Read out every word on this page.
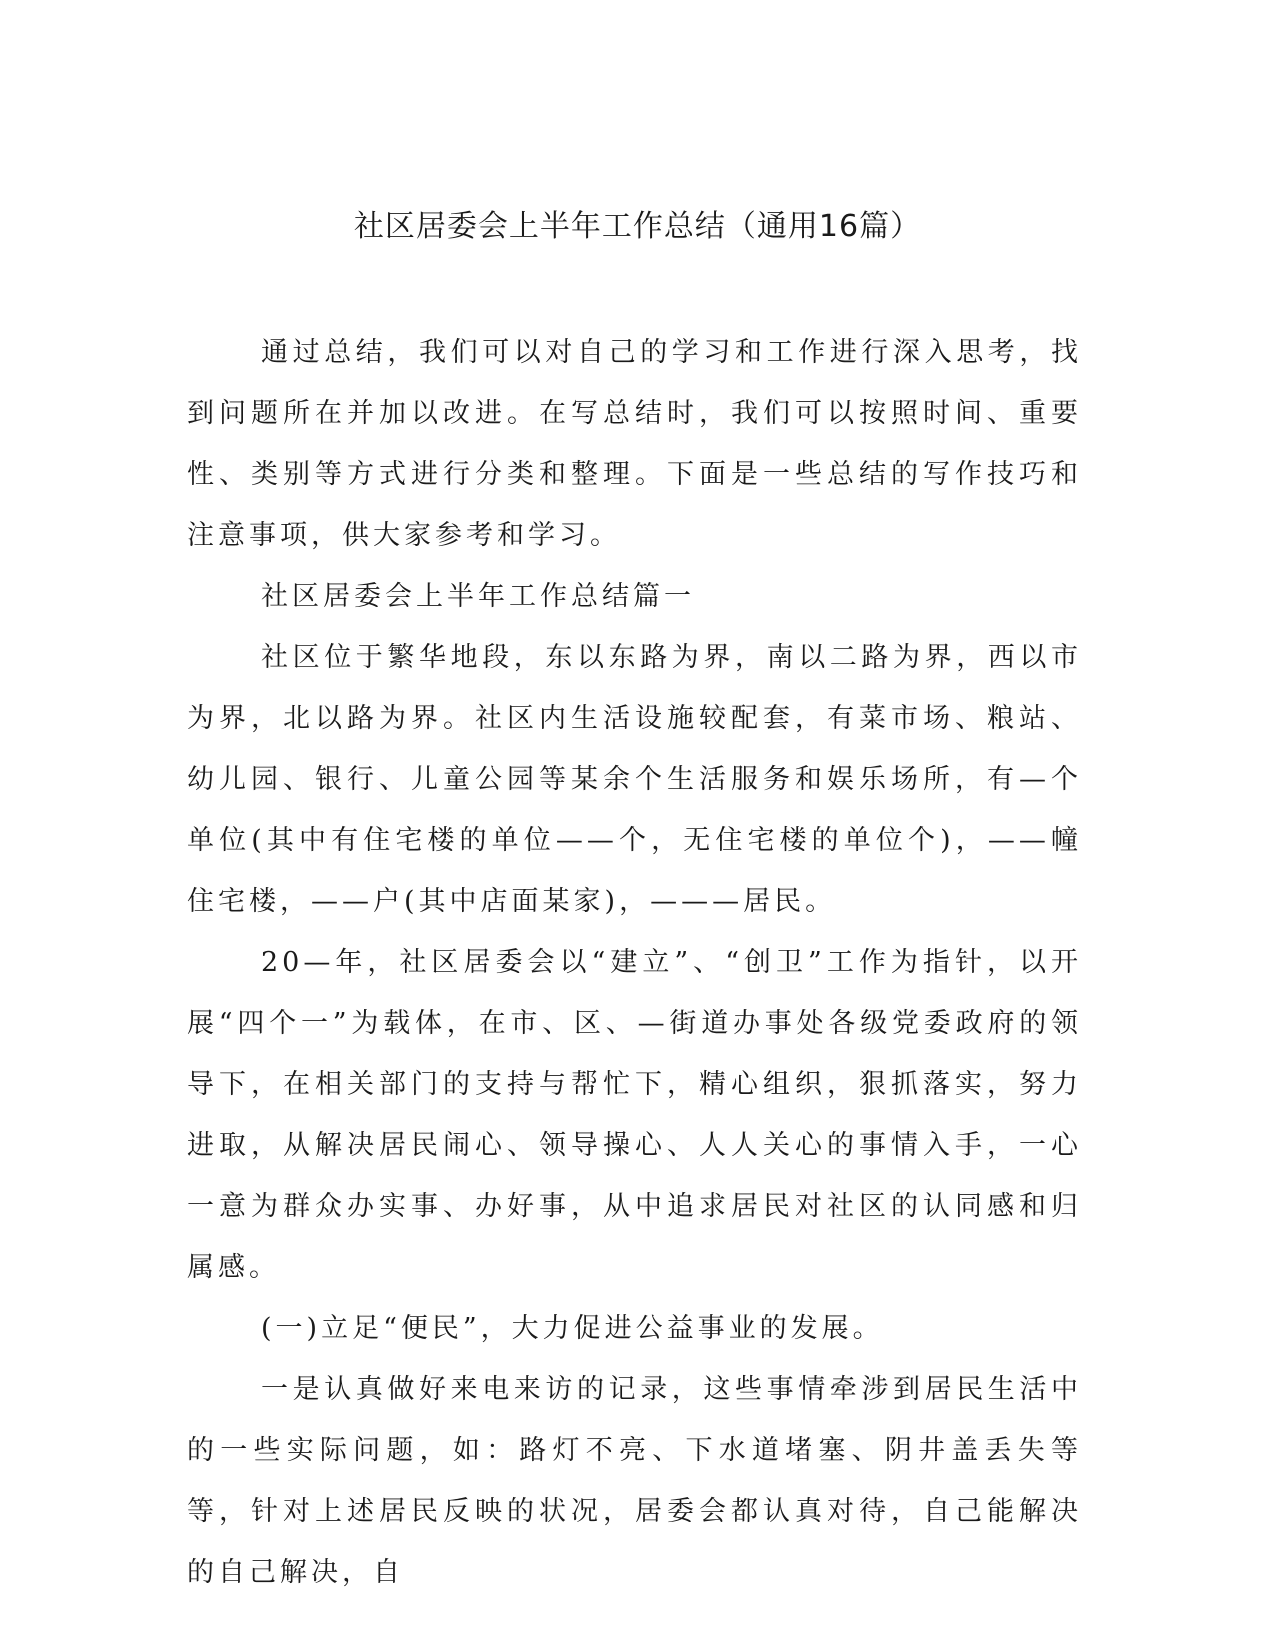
社区居委会上半年工作总结（通用16篇）

通过总结，我们可以对自己的学习和工作进行深入思考，找到问题所在并加以改进。在写总结时，我们可以按照时间、重要性、类别等方式进行分类和整理。下面是一些总结的写作技巧和注意事项，供大家参考和学习。

社区居委会上半年工作总结篇一

社区位于繁华地段，东以东路为界，南以二路为界，西以市为界，北以路为界。社区内生活设施较配套，有菜市场、粮站、幼儿园、银行、儿童公园等某余个生活服务和娱乐场所，有—个单位(其中有住宅楼的单位——个，无住宅楼的单位个)，——幢住宅楼，——户(其中店面某家)，———居民。

20—年，社区居委会以“建立”、“创卫”工作为指针，以开展“四个一”为载体，在市、区、—街道办事处各级党委政府的领导下，在相关部门的支持与帮忙下，精心组织，狠抓落实，努力进取，从解决居民闹心、领导操心、人人关心的事情入手，一心一意为群众办实事、办好事，从中追求居民对社区的认同感和归属感。

(一)立足“便民”，大力促进公益事业的发展。

一是认真做好来电来访的记录，这些事情牵涉到居民生活中的一些实际问题，如：路灯不亮、下水道堵塞、阴井盖丢失等等，针对上述居民反映的状况，居委会都认真对待，自己能解决的自己解决，自
